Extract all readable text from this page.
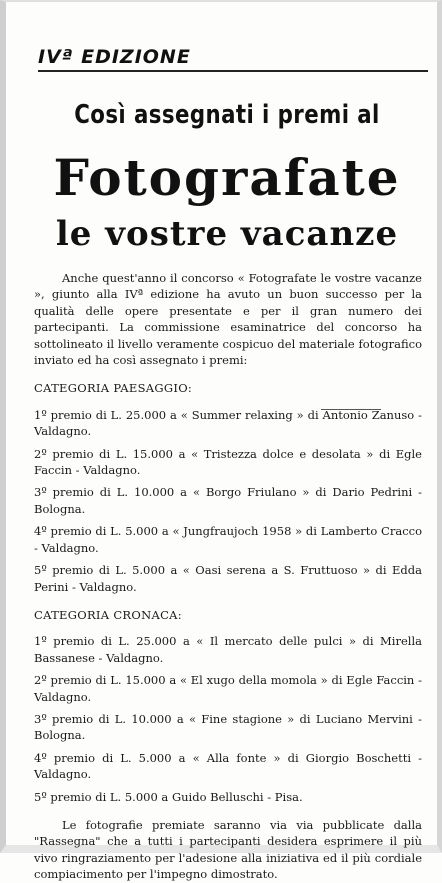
IVª EDIZIONE
Così assegnati i premi al
Fotografate
le vostre vacanze

Anche quest'anno il concorso « Fotografate le vostre vacanze », giunto alla IVª edizione ha avuto un buon successo per la qualità delle opere presentate e per il gran numero dei partecipanti. La commissione esaminatrice del concorso ha sottolineato il livello veramente cospicuo del materiale fotografico inviato ed ha così assegnato i premi:

CATEGORIA PAESAGGIO:

1º premio di L. 25.000 a « Summer relaxing » di Antonio Zanuso - Valdagno.

2º premio di L. 15.000 a « Tristezza dolce e desolata » di Egle Faccin - Valdagno.

3º premio di L. 10.000 a « Borgo Friulano » di Dario Pedrini - Bologna.

4º premio di L. 5.000 a « Jungfraujoch 1958 » di Lamberto Cracco - Valdagno.

5º premio di L. 5.000 a « Oasi serena a S. Fruttuoso » di Edda Perini - Valdagno.

CATEGORIA CRONACA:

1º premio di L. 25.000 a « Il mercato delle pulci » di Mirella Bassanese - Valdagno.

2º premio di L. 15.000 a « El xugo della momola » di Egle Faccin - Valdagno.

3º premio di L. 10.000 a « Fine stagione » di Luciano Mervini - Bologna.

4º premio di L. 5.000 a « Alla fonte » di Giorgio Boschetti - Valdagno.

5º premio di L. 5.000 a Guido Belluschi - Pisa.

Le fotografie premiate saranno via via pubblicate dalla "Rassegna" che a tutti i partecipanti desidera esprimere il più vivo ringraziamento per l'adesione alla iniziativa ed il più cordiale compiacimento per l'impegno dimostrato.
